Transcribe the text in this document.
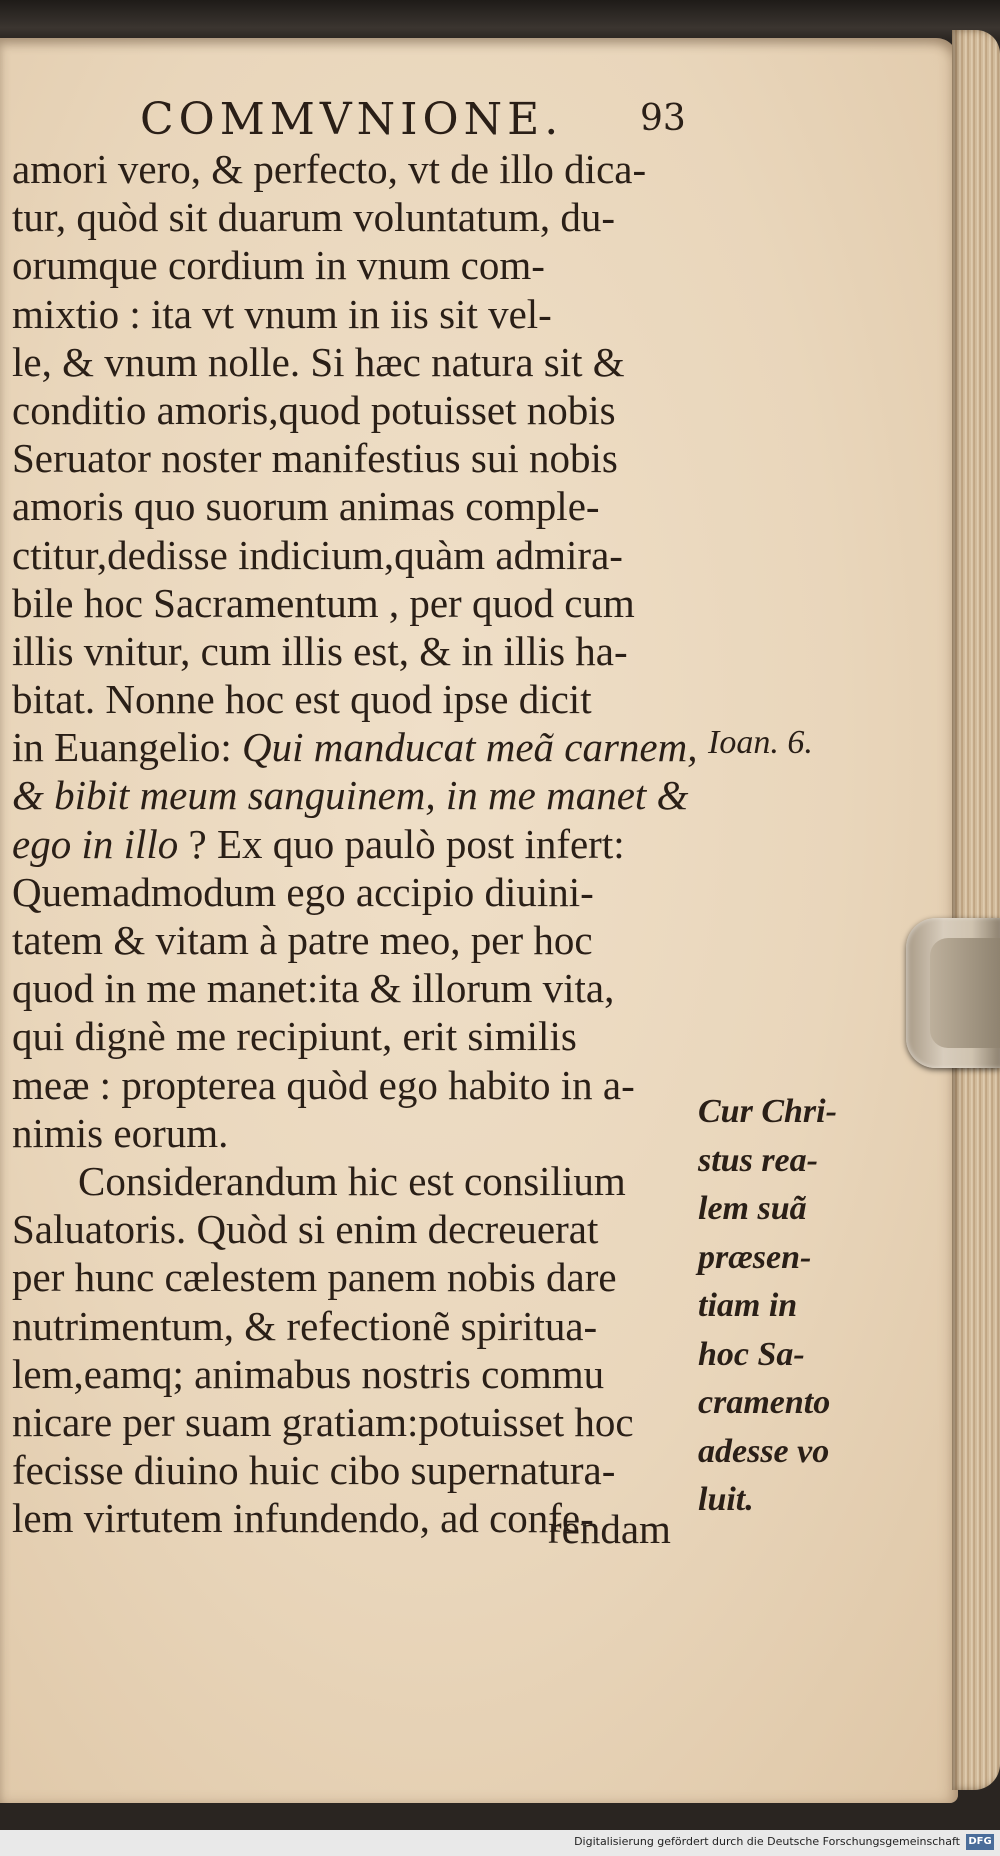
COMMVNIONE. 93
amori vero, & perfecto, vt de illo dica-
tur, quòd sit duarum voluntatum, du-
orumque cordium in vnum com-
mixtio : ita vt vnum in iis sit vel-
le, & vnum nolle. Si hæc natura sit &
conditio amoris,quod potuisset nobis
Seruator noster manifestius sui nobis
amoris quo suorum animas comple-
ctitur,dedisse indicium,quàm admira-
bile hoc Sacramentum , per quod cum
illis vnitur, cum illis est, & in illis ha-
bitat. Nonne hoc est quod ipse dicit
in Euangelio: Qui manducat meã carnem,
& bibit meum sanguinem, in me manet &
ego in illo ? Ex quo paulò post infert:
Quemadmodum ego accipio diuini-
tatem & vitam à patre meo, per hoc
quod in me manet:ita & illorum vita,
qui dignè me recipiunt, erit similis
meæ : propterea quòd ego habito in a-
nimis eorum.
Considerandum hic est consilium
Saluatoris. Quòd si enim decreuerat
per hunc cælestem panem nobis dare
nutrimentum, & refectionẽ spiritua-
lem,eamq; animabus nostris commu
nicare per suam gratiam:potuisset hoc
fecisse diuino huic cibo supernatura-
lem virtutem infundendo, ad confe-
rendam
Ioan. 6.
Cur Chri-
stus rea-
lem suã
præsen-
tiam in
hoc Sa-
cramento
adesse vo
luit.
Digitalisierung gefördert durch die Deutsche Forschungsgemeinschaft DFG
